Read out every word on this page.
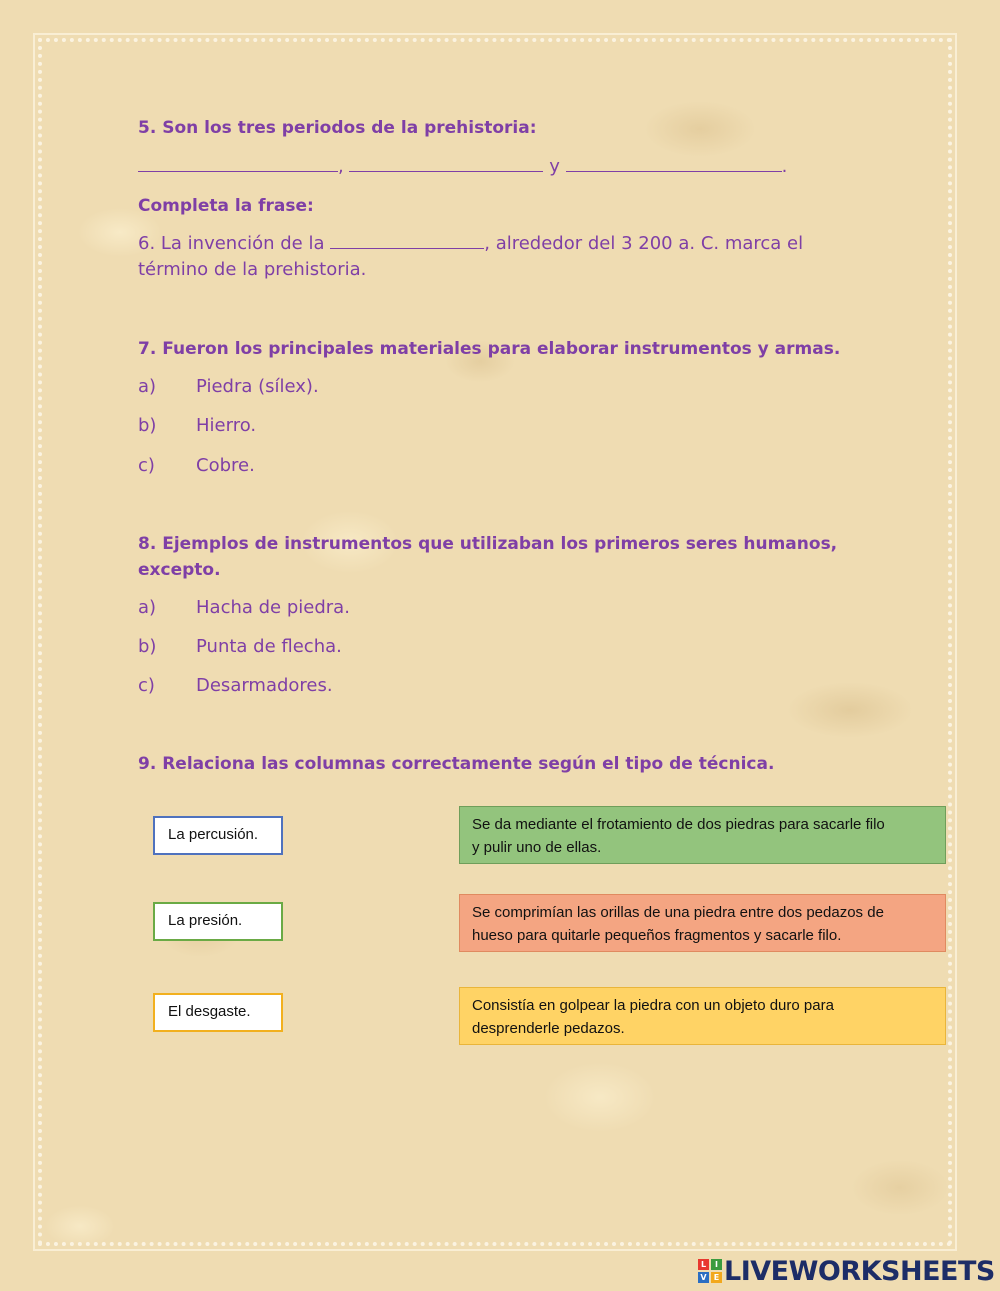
5. Son los tres periodos de la prehistoria:
,	y	.
Completa la frase:
6. La invención de la	, alrededor del 3 200 a. C. marca el
término de la prehistoria.
7. Fueron los principales materiales para elaborar instrumentos y armas.
a) Piedra (sílex).
b) Hierro.
c) Cobre.
8. Ejemplos de instrumentos que utilizaban los primeros seres humanos,
excepto.
a) Hacha de piedra.
b) Punta de flecha.
c) Desarmadores.
9. Relaciona las columnas correctamente según el tipo de técnica.
La percusión.
La presión.
El desgaste.
Se da mediante el frotamiento de dos piedras para sacarle filo
y pulir uno de ellas.
Se comprimían las orillas de una piedra entre dos pedazos de
hueso para quitarle pequeños fragmentos y sacarle filo.
Consistía en golpear la piedra con un objeto duro para
desprenderle pedazos.
L	I
V E LIVEWORKSHEETS
